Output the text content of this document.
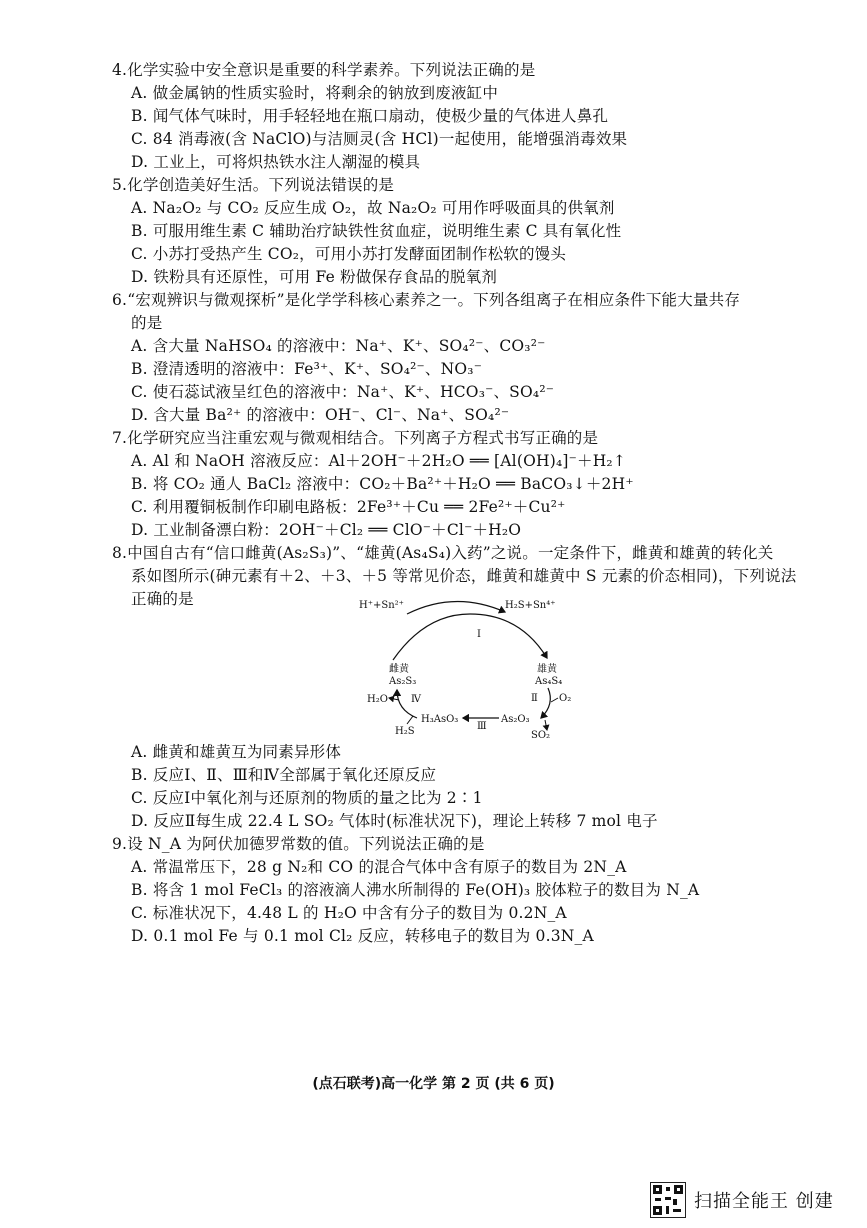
4.化学实验中安全意识是重要的科学素养。下列说法正确的是
A. 做金属钠的性质实验时，将剩余的钠放到废液缸中
B. 闻气体气味时，用手轻轻地在瓶口扇动，使极少量的气体进人鼻孔
C. 84 消毒液(含 NaClO)与洁厕灵(含 HCl)一起使用，能增强消毒效果
D. 工业上，可将炽热铁水注人潮湿的模具
5.化学创造美好生活。下列说法错误的是
A. Na₂O₂ 与 CO₂ 反应生成 O₂，故 Na₂O₂ 可用作呼吸面具的供氧剂
B. 可服用维生素 C 辅助治疗缺铁性贫血症，说明维生素 C 具有氧化性
C. 小苏打受热产生 CO₂，可用小苏打发酵面团制作松软的馒头
D. 铁粉具有还原性，可用 Fe 粉做保存食品的脱氧剂
6.“宏观辨识与微观探析”是化学学科核心素养之一。下列各组离子在相应条件下能大量共存
的是
A. 含大量 NaHSO₄ 的溶液中：Na⁺、K⁺、SO₄²⁻、CO₃²⁻
B. 澄清透明的溶液中：Fe³⁺、K⁺、SO₄²⁻、NO₃⁻
C. 使石蕊试液呈红色的溶液中：Na⁺、K⁺、HCO₃⁻、SO₄²⁻
D. 含大量 Ba²⁺ 的溶液中：OH⁻、Cl⁻、Na⁺、SO₄²⁻
7.化学研究应当注重宏观与微观相结合。下列离子方程式书写正确的是
A. Al 和 NaOH 溶液反应：Al＋2OH⁻＋2H₂O ══ [Al(OH)₄]⁻＋H₂↑
B. 将 CO₂ 通人 BaCl₂ 溶液中：CO₂＋Ba²⁺＋H₂O ══ BaCO₃↓＋2H⁺
C. 利用覆铜板制作印刷电路板：2Fe³⁺＋Cu ══ 2Fe²⁺＋Cu²⁺
D. 工业制备漂白粉：2OH⁻＋Cl₂ ══ ClO⁻＋Cl⁻＋H₂O
8.中国自古有“信口雌黄(As₂S₃)”、“雄黄(As₄S₄)入药”之说。一定条件下，雌黄和雄黄的转化关
系如图所示(砷元素有＋2、＋3、＋5 等常见价态，雌黄和雄黄中 S 元素的价态相同)，下列说法
正确的是	H⁺+Sn²⁺	H₂S+Sn⁴⁺
Ⅰ
雌黄
As₂S₃
雄黄
As₄S₄
Ⅱ O₂
SO₂
As₂O₃
Ⅲ
H₃AsO₃
Ⅳ
H₂O
H₂S
A. 雌黄和雄黄互为同素异形体
B. 反应Ⅰ、Ⅱ、Ⅲ和Ⅳ全部属于氧化还原反应
C. 反应Ⅰ中氧化剂与还原剂的物质的量之比为 2∶1
D. 反应Ⅱ每生成 22.4 L SO₂ 气体时(标准状况下)，理论上转移 7 mol 电子
9.设 N_A 为阿伏加德罗常数的值。下列说法正确的是
A. 常温常压下，28 g N₂和 CO 的混合气体中含有原子的数目为 2N_A
B. 将含 1 mol FeCl₃ 的溶液滴人沸水所制得的 Fe(OH)₃ 胶体粒子的数目为 N_A
C. 标准状况下，4.48 L 的 H₂O 中含有分子的数目为 0.2N_A
D. 0.1 mol Fe 与 0.1 mol Cl₂ 反应，转移电子的数目为 0.3N_A
(点石联考)高一化学 第 2 页 (共 6 页)
扫描全能王 创建
